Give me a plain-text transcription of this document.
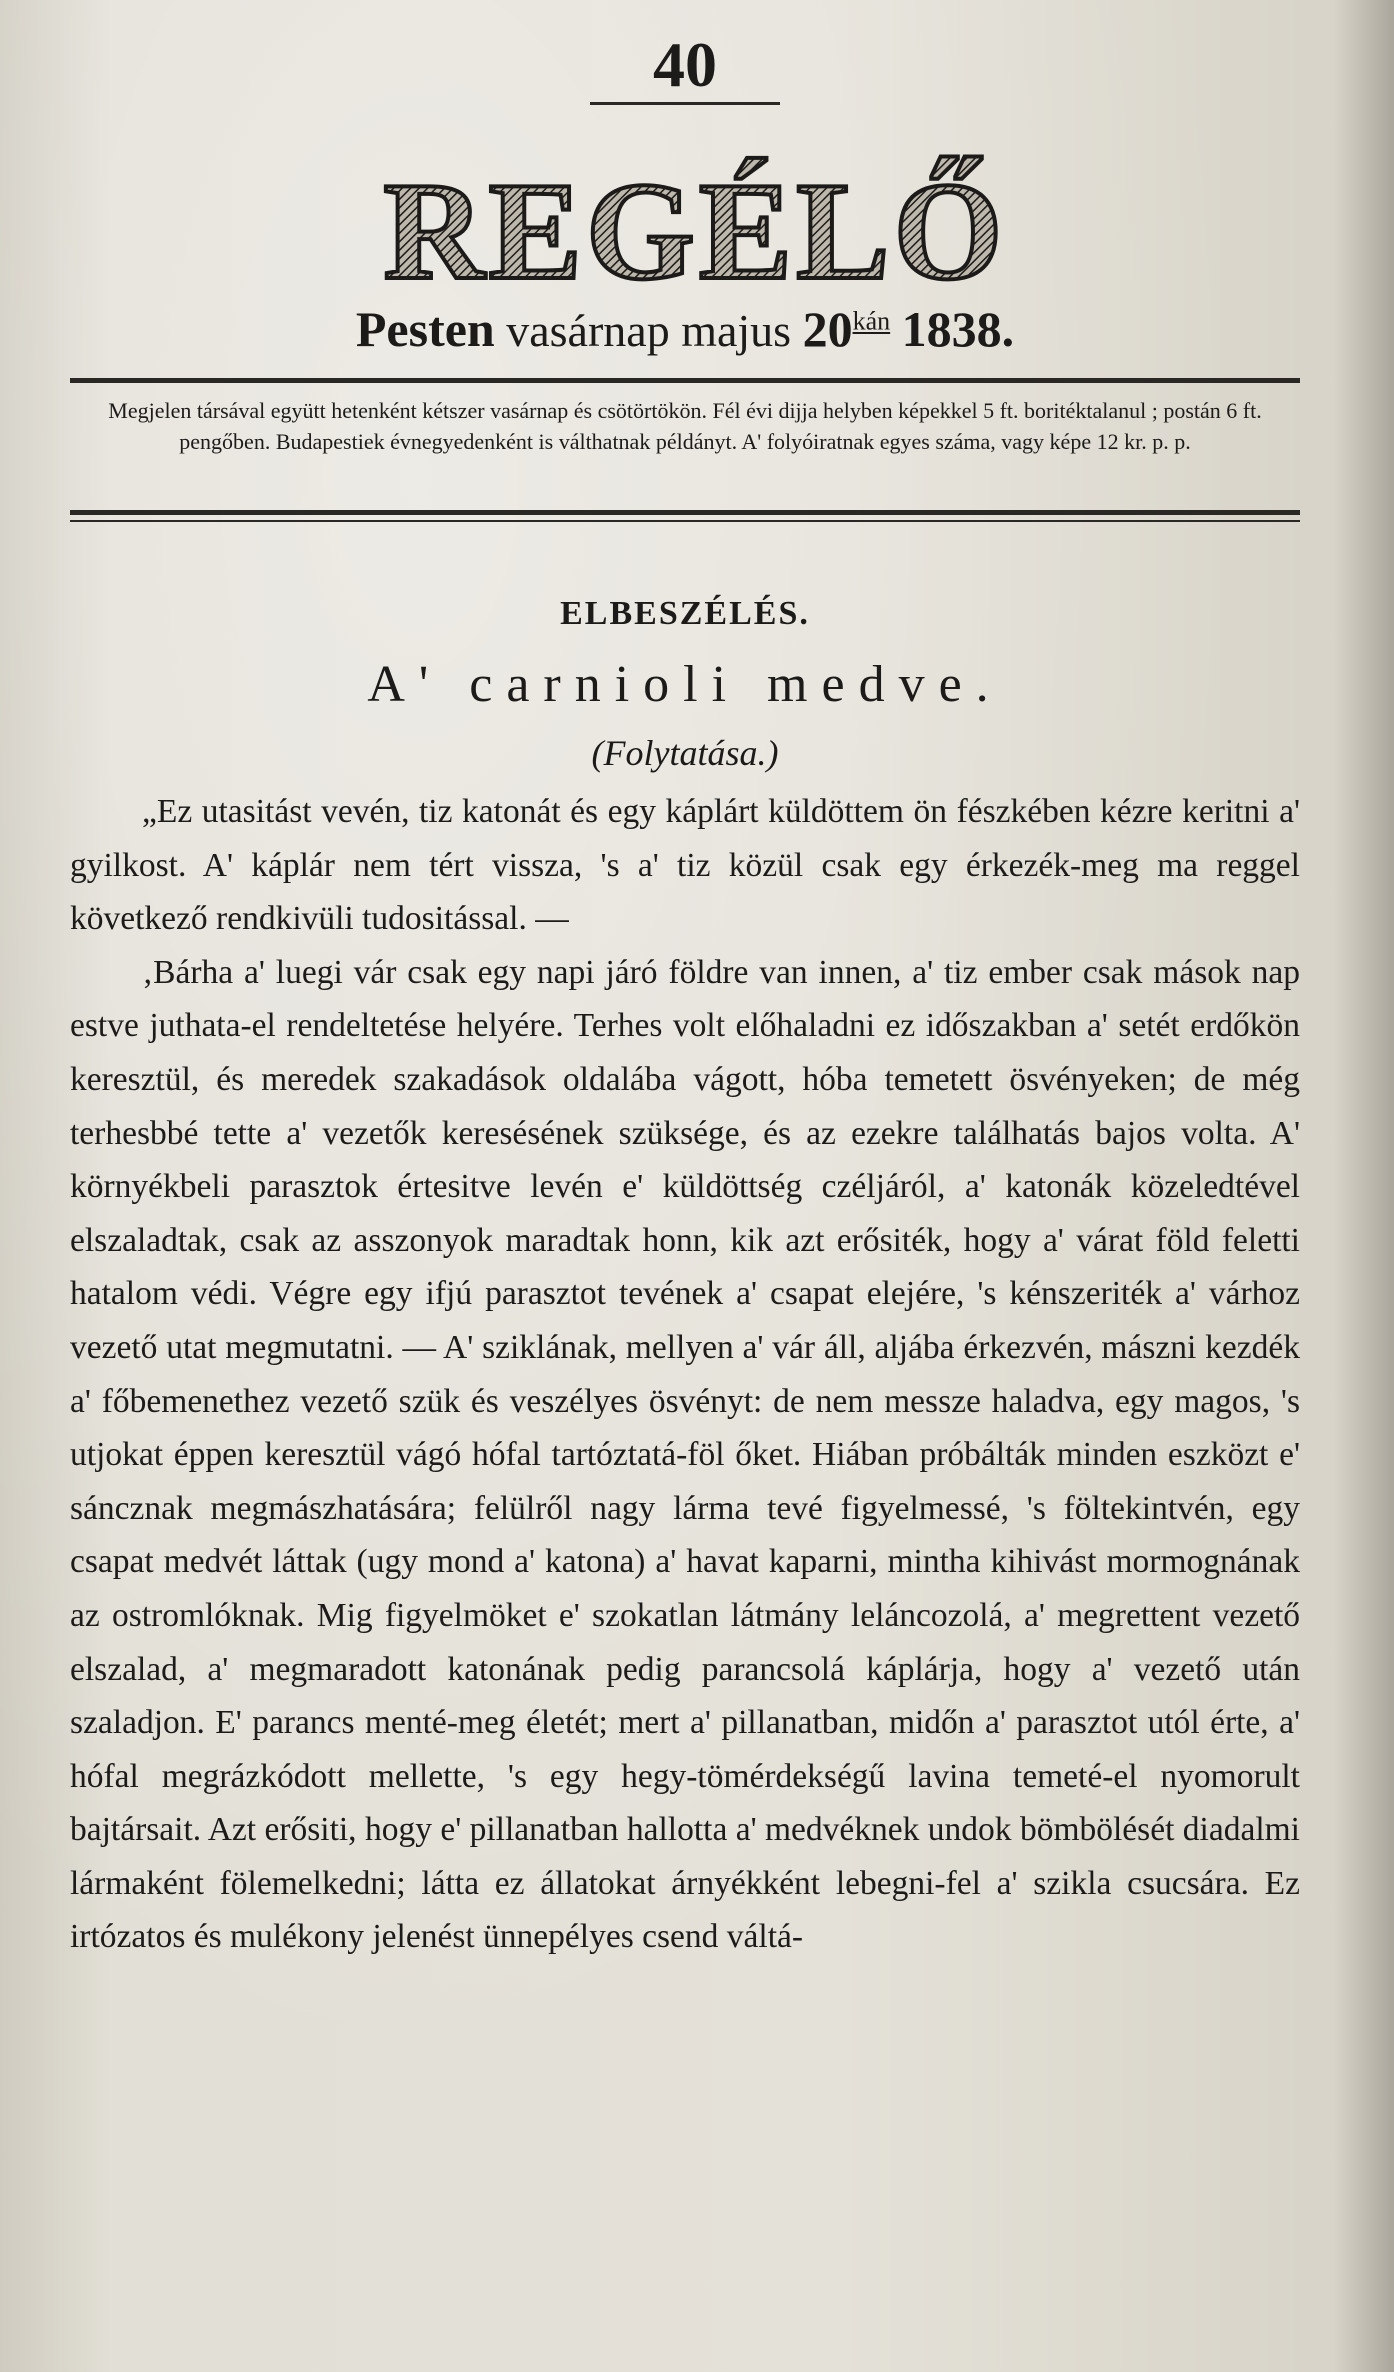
40
REGÉLŐ
Pesten vasárnap majus $20^{kán}$ 1838.
Megjelen társával együtt hetenként kétszer vasárnap és csötörtökön. Fél évi dijja helyben képekkel 5 ft. boritéktalanul ; postán 6 ft. pengőben. Budapestiek évnegyedenként is válthatnak példányt. A' folyóiratnak egyes száma, vagy képe 12 kr. p. p.
ELBESZÉLÉS.
A' carnioli medve.
(Folytatása.)

„Ez utasitást vevén, tiz katonát és egy káplárt küldöttem ön fészkében kézre keritni a' gyilkost. A' káplár nem tért vissza, 's a' tiz közül csak egy érkezék-meg ma reggel következő rendkivüli tudositással. —

‚Bárha a' luegi vár csak egy napi járó földre van innen, a' tiz ember csak mások nap estve juthata-el rendeltetése helyére. Terhes volt előhaladni ez időszakban a' setét erdőkön keresztül, és meredek szakadások oldalába vágott, hóba temetett ösvényeken; de még terhesbbé tette a' vezetők keresésének szüksége, és az ezekre találhatás bajos volta. A' környékbeli parasztok értesitve levén e' küldöttség czéljáról, a' katonák közeledtével elszaladtak, csak az asszonyok maradtak honn, kik azt erősiték, hogy a' várat föld feletti hatalom védi. Végre egy ifjú parasztot tevének a' csapat elejére, 's kénszeriték a' várhoz vezető utat megmutatni. — A' sziklának, mellyen a' vár áll, aljába érkezvén, mászni kezdék a' főbemenethez vezető szük és veszélyes ösvényt: de nem messze haladva, egy magos, 's utjokat éppen keresztül vágó hófal tartóztatá-föl őket. Hiában próbálták minden eszközt e' sáncznak megmászhatására; felülről nagy lárma tevé figyelmessé, 's föltekintvén, egy csapat medvét láttak (ugy mond a' katona) a' havat kaparni, mintha kihivást mormognának az ostromlóknak. Mig figyelmöket e' szokatlan látmány leláncozolá, a' megrettent vezető elszalad, a' megmaradott katonának pedig parancsolá káplárja, hogy a' vezető után szaladjon. E' parancs menté-meg életét; mert a' pillanatban, midőn a' parasztot utól érte, a' hófal megrázkódott mellette, 's egy hegy-tömérdekségű lavina temeté-el nyomorult bajtársait. Azt erősiti, hogy e' pillanatban hallotta a' medvéknek undok bömbölését diadalmi lármaként fölemelkedni; látta ez állatokat árnyékként lebegni-fel a' szikla csucsára. Ez irtózatos és mulékony jelenést ünnepélyes csend váltá-
